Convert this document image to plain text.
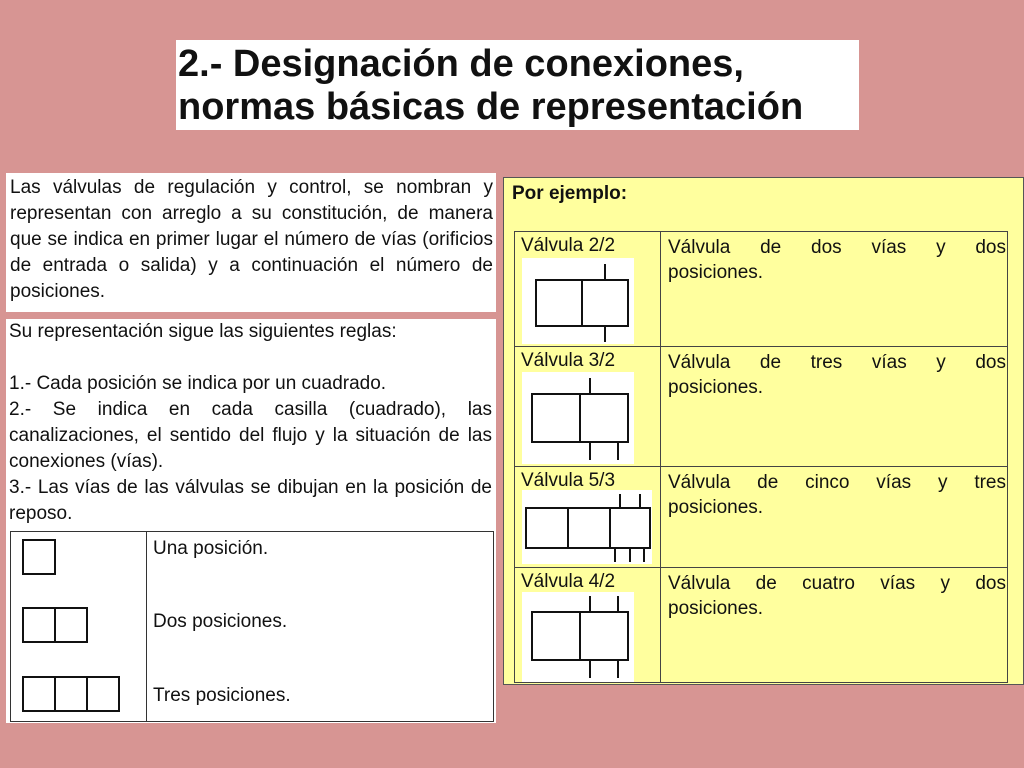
2.- Designación de conexiones,
normas básicas de representación
Las válvulas de regulación y control, se nombran y representan con arreglo a su constitución, de manera que se indica en primer lugar el número de vías (orificios de entrada o salida) y a continuación el número de posiciones.

Su representación sigue las siguientes reglas:

1.- Cada posición se indica por un cuadrado.

2.- Se indica en cada casilla (cuadrado), las canalizaciones, el sentido del flujo y la situación de las conexiones (vías).

3.- Las vías de las válvulas se dibujan en la posición de reposo.

Una posición.
Dos posiciones.
Tres posiciones.
Por ejemplo:
Válvula 2/2	Válvula de dos vías y dos
posiciones.
Válvula 3/2	Válvula de tres vías y dos
posiciones.
Válvula 5/3	Válvula de cinco vías y tres
posiciones.
Válvula 4/2	Válvula de cuatro vías y dos
posiciones.
